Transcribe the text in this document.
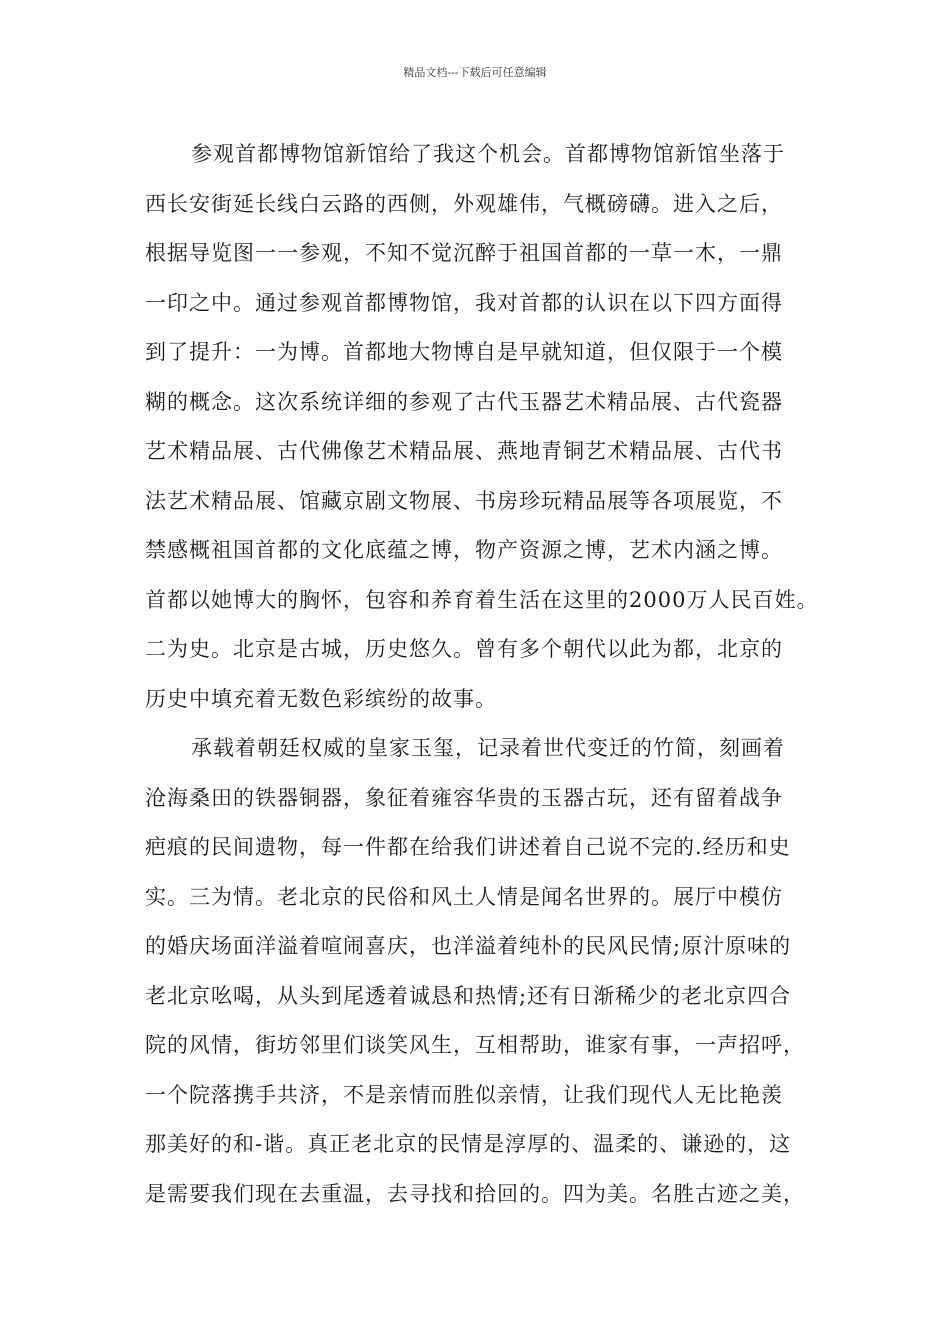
精品文档---下载后可任意编辑
参观首都博物馆新馆给了我这个机会。首都博物馆新馆坐落于
西长安街延长线白云路的西侧，外观雄伟，气概磅礴。进入之后，
根据导览图一一参观，不知不觉沉醉于祖国首都的一草一木，一鼎
一印之中。通过参观首都博物馆，我对首都的认识在以下四方面得
到了提升：一为博。首都地大物博自是早就知道，但仅限于一个模
糊的概念。这次系统详细的参观了古代玉器艺术精品展、古代瓷器
艺术精品展、古代佛像艺术精品展、燕地青铜艺术精品展、古代书
法艺术精品展、馆藏京剧文物展、书房珍玩精品展等各项展览，不
禁感概祖国首都的文化底蕴之博，物产资源之博，艺术内涵之博。
首都以她博大的胸怀，包容和养育着生活在这里的2000万人民百姓。
二为史。北京是古城，历史悠久。曾有多个朝代以此为都，北京的
历史中填充着无数色彩缤纷的故事。
承载着朝廷权威的皇家玉玺，记录着世代变迁的竹简，刻画着
沧海桑田的铁器铜器，象征着雍容华贵的玉器古玩，还有留着战争
疤痕的民间遗物，每一件都在给我们讲述着自己说不完的.经历和史
实。三为情。老北京的民俗和风土人情是闻名世界的。展厅中模仿
的婚庆场面洋溢着喧闹喜庆，也洋溢着纯朴的民风民情;原汁原味的
老北京吆喝，从头到尾透着诚恳和热情;还有日渐稀少的老北京四合
院的风情，街坊邻里们谈笑风生，互相帮助，谁家有事，一声招呼，
一个院落携手共济，不是亲情而胜似亲情，让我们现代人无比艳羡
那美好的和-谐。真正老北京的民情是淳厚的、温柔的、谦逊的，这
是需要我们现在去重温，去寻找和拾回的。四为美。名胜古迹之美，
